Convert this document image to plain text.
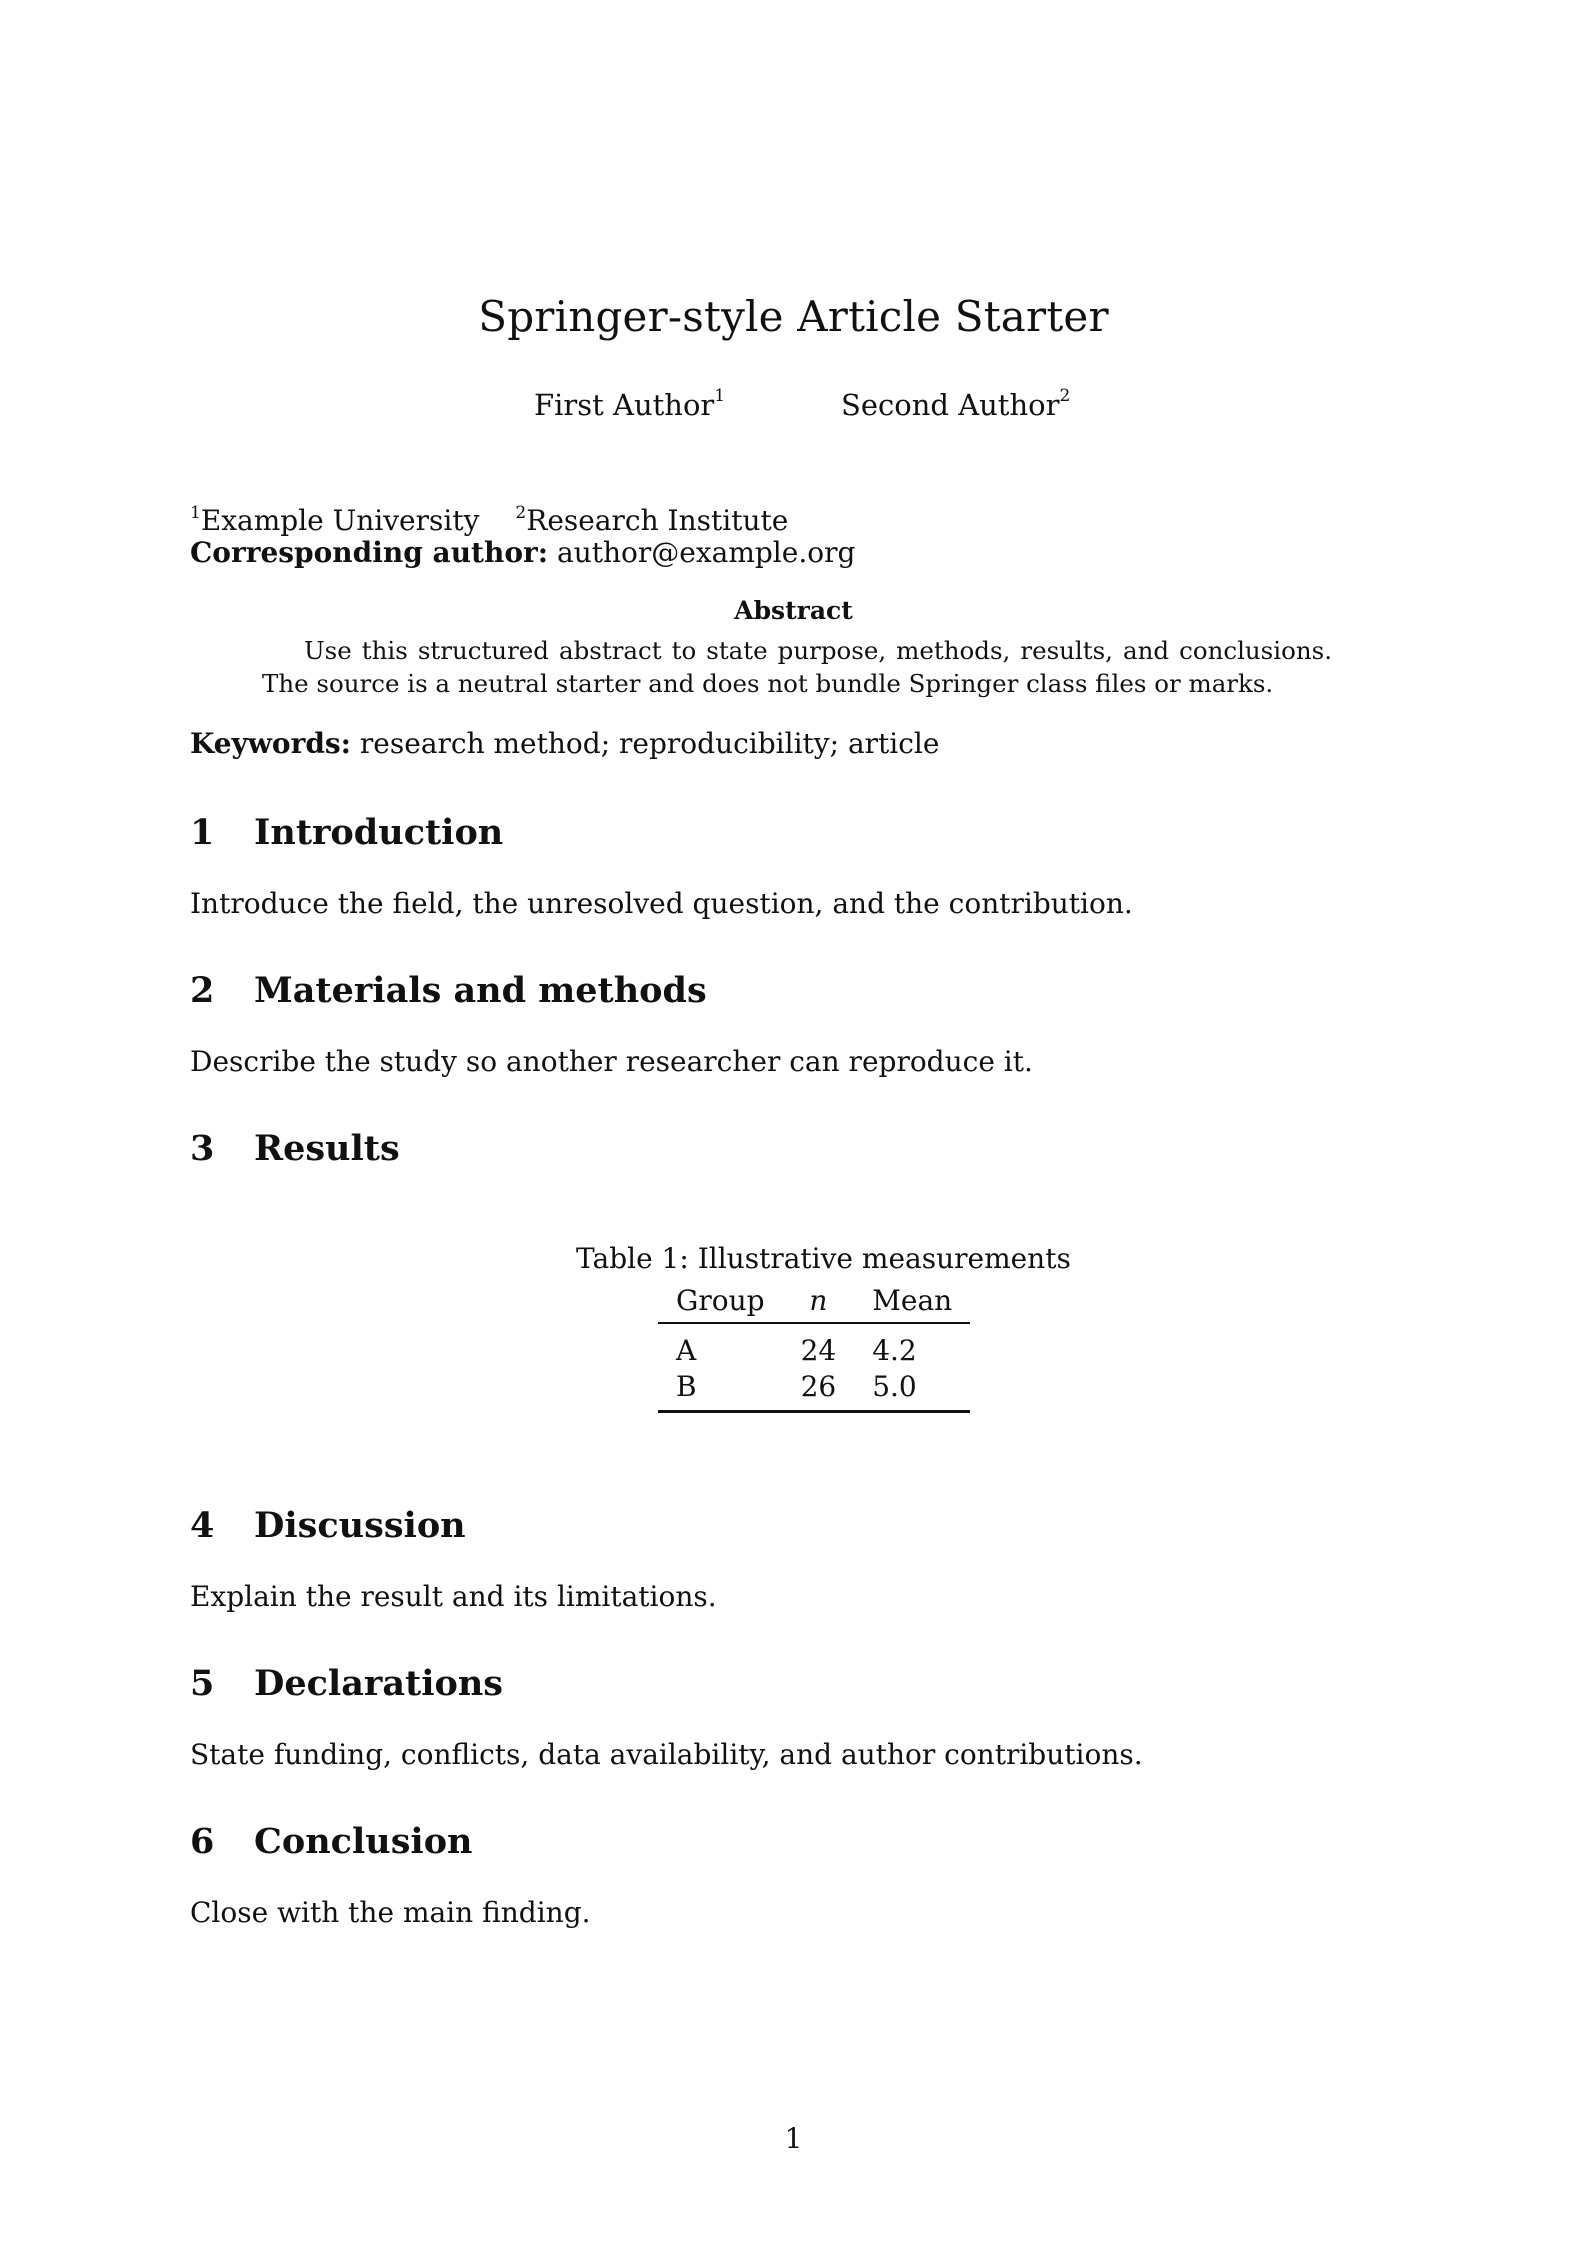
Springer-style Article Starter
First Author$^1$	Second Author$^2$
$^1$Example University $^2$Research Institute
Corresponding author: author@example.org
Abstract
Use this structured abstract to state purpose, methods, results, and conclusions. The source is a neutral starter and does not bundle Springer class files or marks.
Keywords: research method; reproducibility; article
1 Introduction
Introduce the field, the unresolved question, and the contribution.
2 Materials and methods
Describe the study so another researcher can reproduce it.
3 Results
Table 1: Illustrative measurements
Group	n	Mean
A	24	4.2
B	26	5.0
4 Discussion
Explain the result and its limitations.
5 Declarations
State funding, conflicts, data availability, and author contributions.
6 Conclusion
Close with the main finding.
1
